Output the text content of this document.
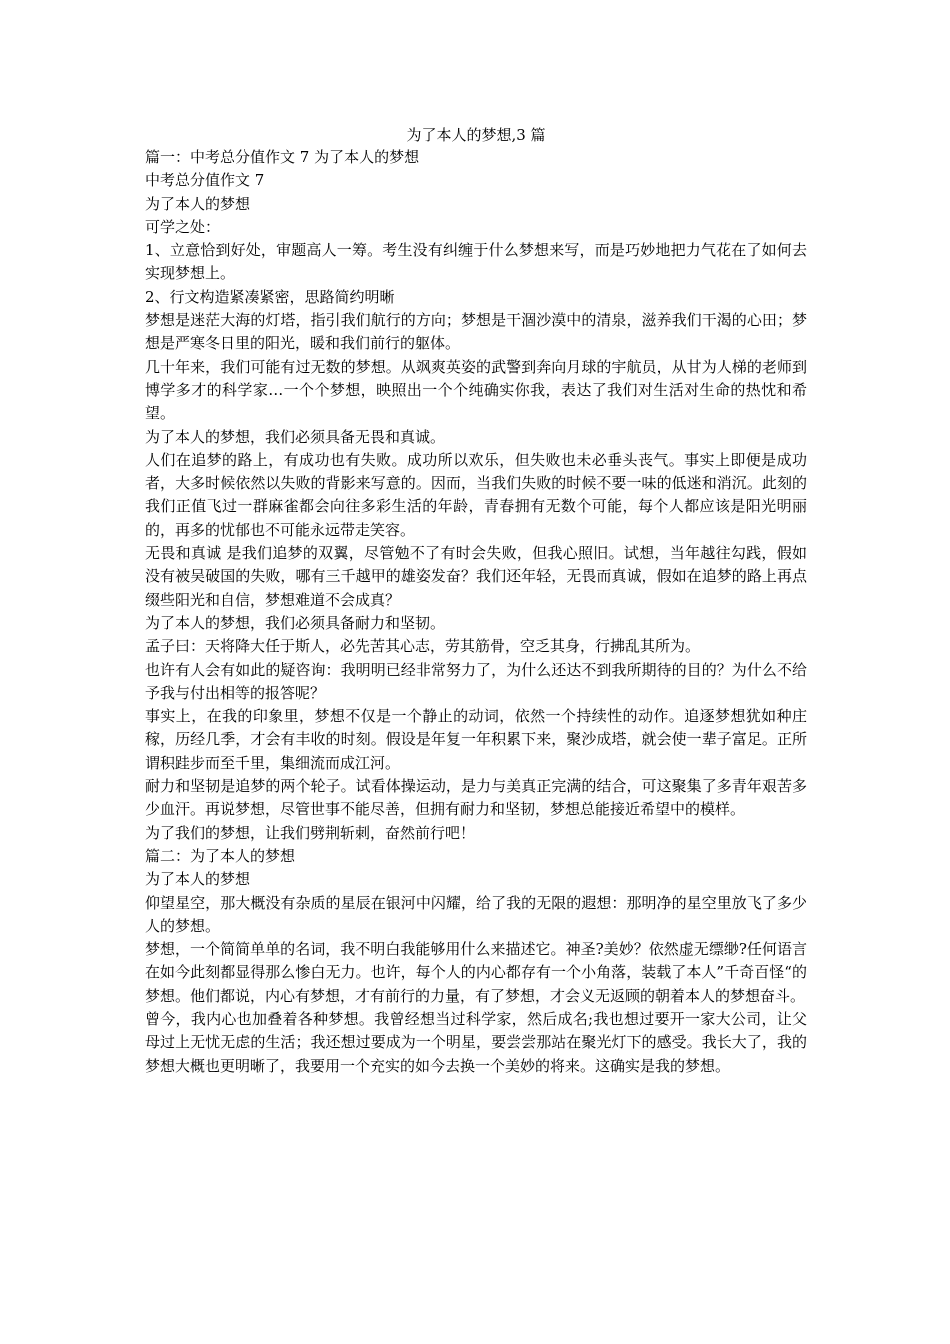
为了本人的梦想,3 篇

篇一：中考总分值作文 7 为了本人的梦想

中考总分值作文 7

为了本人的梦想

可学之处：

1、立意恰到好处，审题高人一筹。考生没有纠缠于什么梦想来写，而是巧妙地把力气花在了如何去实现梦想上。

2、行文构造紧凑紧密，思路简约明晰

梦想是迷茫大海的灯塔，指引我们航行的方向；梦想是干涸沙漠中的清泉，滋养我们干渴的心田；梦想是严寒冬日里的阳光，暖和我们前行的躯体。

几十年来，我们可能有过无数的梦想。从飒爽英姿的武警到奔向月球的宇航员，从甘为人梯的老师到博学多才的科学家…一个个梦想，映照出一个个纯确实你我，表达了我们对生活对生命的热忱和希望。

为了本人的梦想，我们必须具备无畏和真诚。

人们在追梦的路上，有成功也有失败。成功所以欢乐，但失败也未必垂头丧气。事实上即便是成功者，大多时候依然以失败的背影来写意的。因而，当我们失败的时候不要一味的低迷和消沉。此刻的我们正值飞过一群麻雀都会向往多彩生活的年龄，青春拥有无数个可能，每个人都应该是阳光明丽的，再多的忧郁也不可能永远带走笑容。

无畏和真诚 是我们追梦的双翼，尽管勉不了有时会失败，但我心照旧。试想，当年越往勾践，假如没有被吴破国的失败，哪有三千越甲的雄姿发奋？我们还年轻，无畏而真诚，假如在追梦的路上再点缀些阳光和自信，梦想难道不会成真？

为了本人的梦想，我们必须具备耐力和坚韧。

孟子曰：天将降大任于斯人，必先苦其心志，劳其筋骨，空乏其身，行拂乱其所为。

也许有人会有如此的疑咨询：我明明已经非常努力了，为什么还达不到我所期待的目的？为什么不给予我与付出相等的报答呢？

事实上，在我的印象里，梦想不仅是一个静止的动词，依然一个持续性的动作。追逐梦想犹如种庄稼，历经几季，才会有丰收的时刻。假设是年复一年积累下来，聚沙成塔，就会使一辈子富足。正所谓积跬步而至千里，集细流而成江河。

耐力和坚韧是追梦的两个轮子。试看体操运动，是力与美真正完满的结合，可这聚集了多青年艰苦多少血汗。再说梦想，尽管世事不能尽善，但拥有耐力和坚韧，梦想总能接近希望中的模样。

为了我们的梦想，让我们劈荆斩刺，奋然前行吧！

篇二：为了本人的梦想

为了本人的梦想

仰望星空，那大概没有杂质的星辰在银河中闪耀，给了我的无限的遐想：那明净的星空里放飞了多少人的梦想。

梦想，一个简简单单的名词，我不明白我能够用什么来描述它。神圣?美妙？依然虚无缥缈?任何语言在如今此刻都显得那么惨白无力。也许，每个人的内心都存有一个小角落，装载了本人”千奇百怪“的梦想。他们都说，内心有梦想，才有前行的力量，有了梦想，才会义无返顾的朝着本人的梦想奋斗。

曾今，我内心也加叠着各种梦想。我曾经想当过科学家，然后成名;我也想过要开一家大公司，让父母过上无忧无虑的生活；我还想过要成为一个明星，要尝尝那站在聚光灯下的感受。我长大了，我的梦想大概也更明晰了，我要用一个充实的如今去换一个美妙的将来。这确实是我的梦想。
